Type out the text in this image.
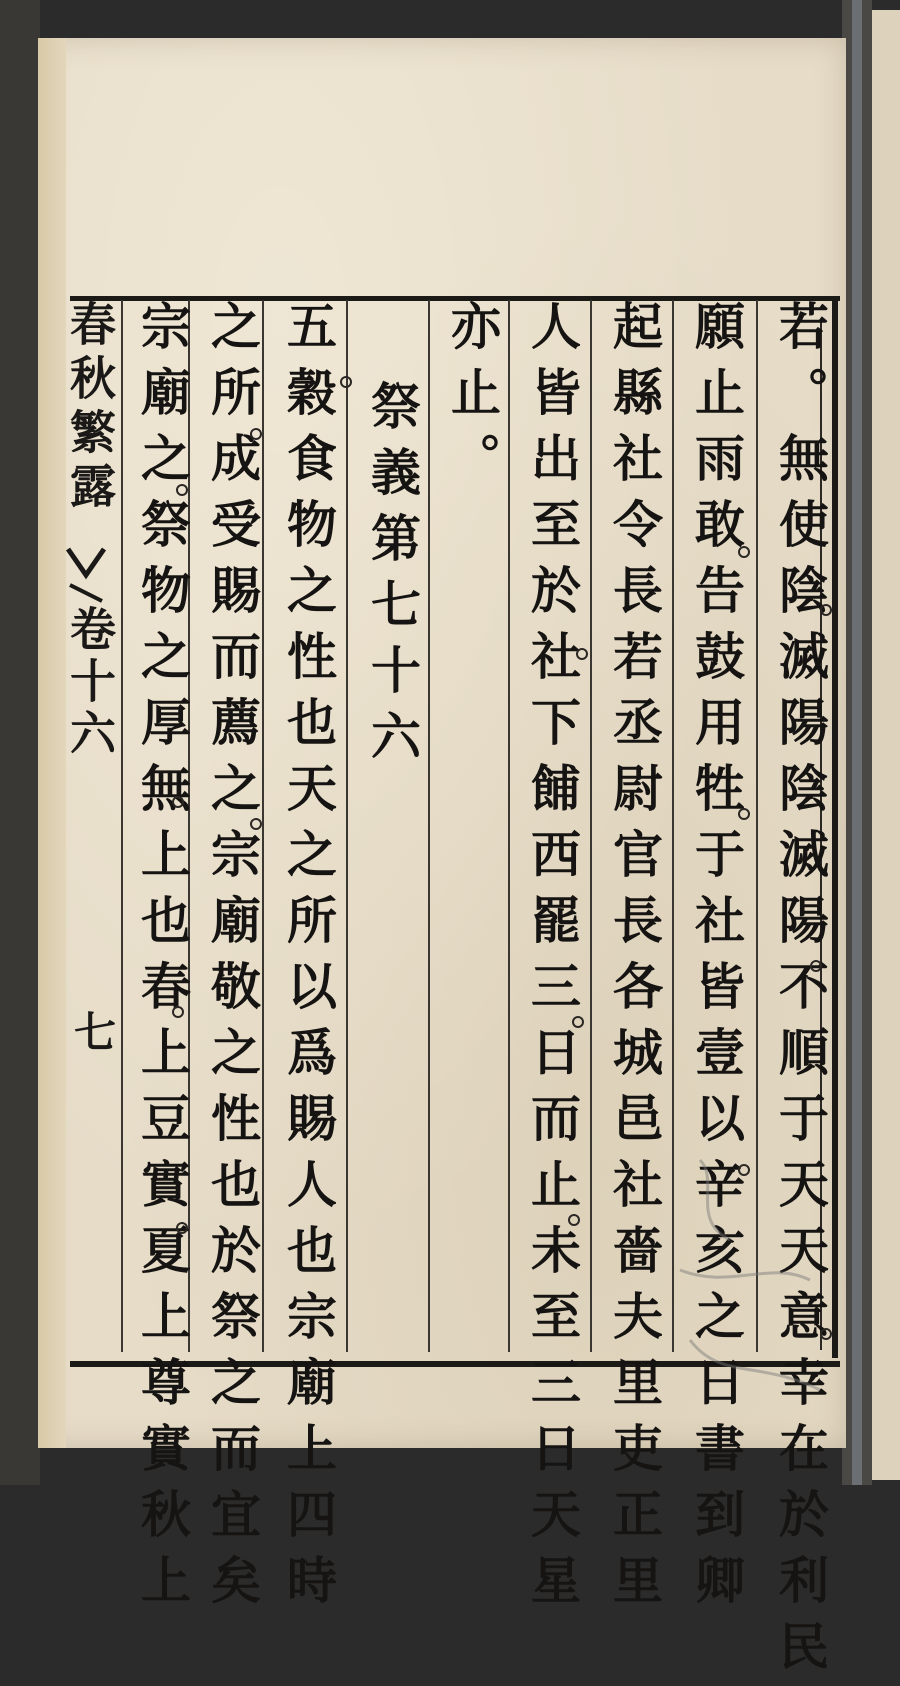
春秋繁露
卷十六
七	若。無使陰滅陽陰滅陽不順于天天意幸在於利民
願止雨敢告鼓用牲于社皆壹以辛亥之日書到卿
起縣社令長若丞尉官長各城邑社嗇夫里吏正里
人皆出至於社下餔西罷三日而止未至三日天星
亦止。
祭義第七十六
五穀食物之性也天之所以爲賜人也宗廟上四時
之所成受賜而薦之宗廟敬之性也於祭之而宜矣
宗廟之祭物之厚無上也春上豆實夏上尊實秋上
